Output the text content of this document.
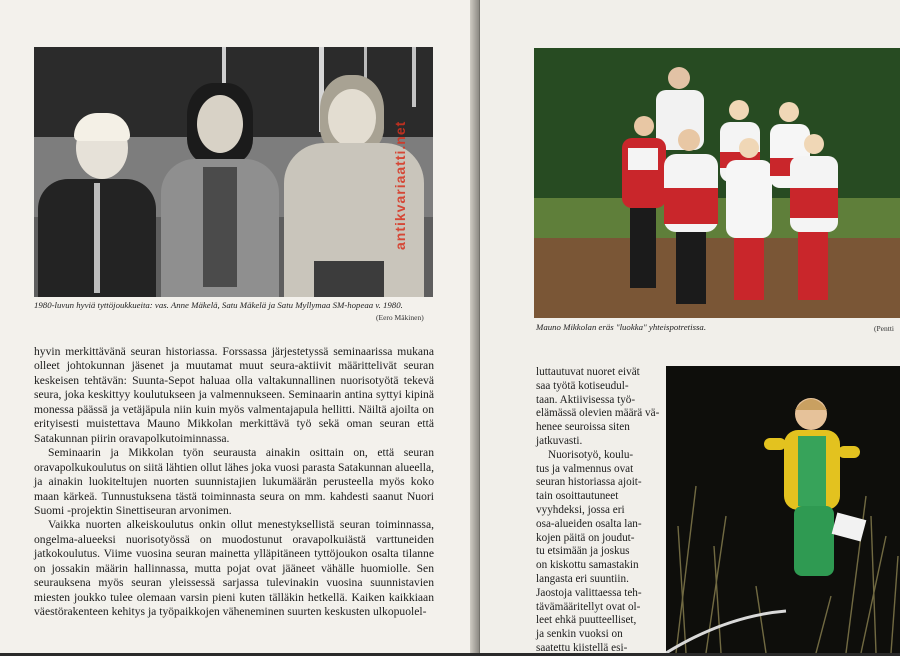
1980-luvun hyviä tyttöjoukkueita: vas. Anne Mäkelä, Satu Mäkelä ja Satu Myllymaa SM-hopeaa v. 1980.
(Eero Mäkinen)

hyvin merkittävänä seuran historiassa. Forssassa järjestetyssä seminaarissa mukana olleet johtokunnan jäsenet ja muutamat muut seura-aktiivit määrittelivät seuran keskeisen tehtävän: Suunta-Sepot haluaa olla valtakunnallinen nuorisotyötä tekevä seura, joka keskittyy koulutukseen ja valmennukseen. Seminaarin antina syttyi kipinä monessa päässä ja vetäjäpula niin kuin myös valmentajapula hellitti. Näiltä ajoilta on erityisesti muistettava Mauno Mikkolan merkittävä työ sekä oman seuran että Satakunnan piirin oravapolkutoiminnassa.

Seminaarin ja Mikkolan työn seurausta ainakin osittain on, että seuran oravapolkukoulutus on siitä lähtien ollut lähes joka vuosi parasta Satakunnan alueella, ja ainakin luokiteltujen nuorten suunnistajien lukumäärän perusteella myös koko maan kärkeä. Tunnustuksena tästä toiminnasta seura on mm. kahdesti saanut Nuori Suomi -projektin Sinettiseuran arvonimen.

Vaikka nuorten alkeiskoulutus onkin ollut menestyksellistä seuran toiminnassa, ongelma-alueeksi nuorisotyössä on muodostunut oravapolkuiästä varttuneiden jatkokoulutus. Viime vuosina seuran mainetta ylläpitäneen tyttöjoukon osalta tilanne on jossakin määrin hallinnassa, mutta pojat ovat jääneet vähälle huomiolle. Sen seurauksena myös seuran yleissessä sarjassa tulevinakin vuosina suunnistavien miesten joukko tulee olemaan varsin pieni kuten tälläkin hetkellä. Kaiken kaikkiaan väestörakenteen kehitys ja työpaikkojen väheneminen suurten keskusten ulkopuolel-

antikvariaatti.net
Mauno Mikkolan eräs "luokka" yhteispotretissa.	(Pentti
luttautuvat nuoret eivät
saa työtä kotiseudul-
taan. Aktiivisessa työ-
elämässä olevien määrä vä-
henee seuroissa siten
jatkuvasti.
Nuorisotyö, koulu-
tus ja valmennus ovat
seuran historiassa ajoit-
tain osoittautuneet
vyyhdeksi, jossa eri
osa-alueiden osalta lan-
kojen päitä on joudut-
tu etsimään ja joskus
on kiskottu samastakin
langasta eri suuntiin.
Jaostoja valittaessa teh-
tävämääritellyt ovat ol-
leet ehkä puutteelliset,
ja senkin vuoksi on
saatettu kiistellä esi-
